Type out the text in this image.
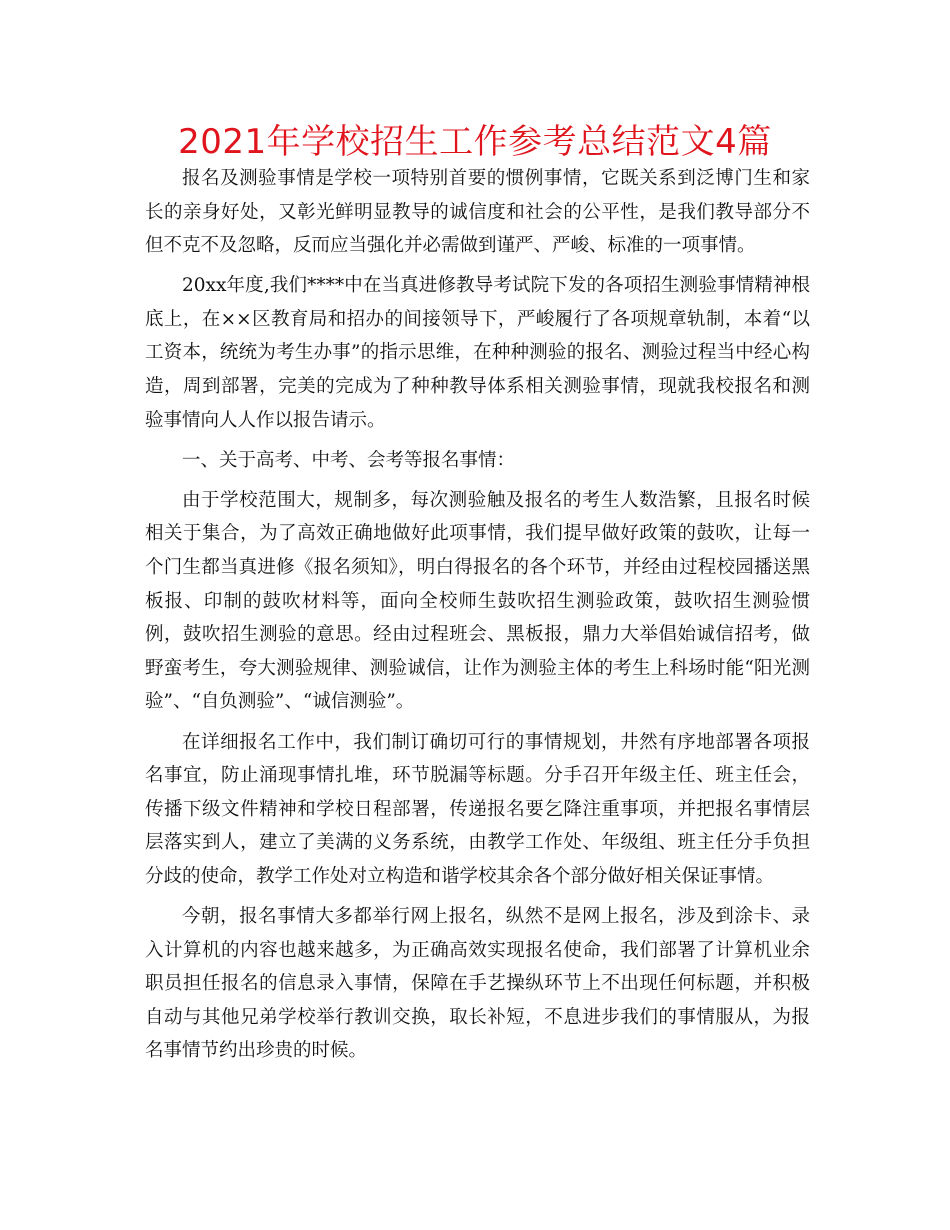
2021年学校招生工作参考总结范文4篇

报名及测验事情是学校一项特别首要的惯例事情，它既关系到泛博门生和家长的亲身好处，又彰光鲜明显教导的诚信度和社会的公平性，是我们教导部分不但不克不及忽略，反而应当强化并必需做到谨严、严峻、标准的一项事情。

20xx年度,我们****中在当真进修教导考试院下发的各项招生测验事情精神根底上，在××区教育局和招办的间接领导下，严峻履行了各项规章轨制，本着“以工资本，统统为考生办事”的指示思维，在种种测验的报名、测验过程当中经心构造，周到部署，完美的完成为了种种教导体系相关测验事情，现就我校报名和测验事情向人人作以报告请示。

一、关于高考、中考、会考等报名事情：

由于学校范围大，规制多，每次测验触及报名的考生人数浩繁，且报名时候相关于集合，为了高效正确地做好此项事情，我们提早做好政策的鼓吹，让每一个门生都当真进修《报名须知》，明白得报名的各个环节，并经由过程校园播送黑板报、印制的鼓吹材料等，面向全校师生鼓吹招生测验政策，鼓吹招生测验惯例，鼓吹招生测验的意思。经由过程班会、黑板报，鼎力大举倡始诚信招考，做野蛮考生，夸大测验规律、测验诚信，让作为测验主体的考生上科场时能“阳光测验”、“自负测验”、“诚信测验”。

在详细报名工作中，我们制订确切可行的事情规划，井然有序地部署各项报名事宜，防止涌现事情扎堆，环节脱漏等标题。分手召开年级主任、班主任会，传播下级文件精神和学校日程部署，传递报名要乞降注重事项，并把报名事情层层落实到人，建立了美满的义务系统，由教学工作处、年级组、班主任分手负担分歧的使命，教学工作处对立构造和谐学校其余各个部分做好相关保证事情。

今朝，报名事情大多都举行网上报名，纵然不是网上报名，涉及到涂卡、录入计算机的内容也越来越多，为正确高效实现报名使命，我们部署了计算机业余职员担任报名的信息录入事情，保障在手艺操纵环节上不出现任何标题，并积极自动与其他兄弟学校举行教训交换，取长补短，不息进步我们的事情服从，为报名事情节约出珍贵的时候。
